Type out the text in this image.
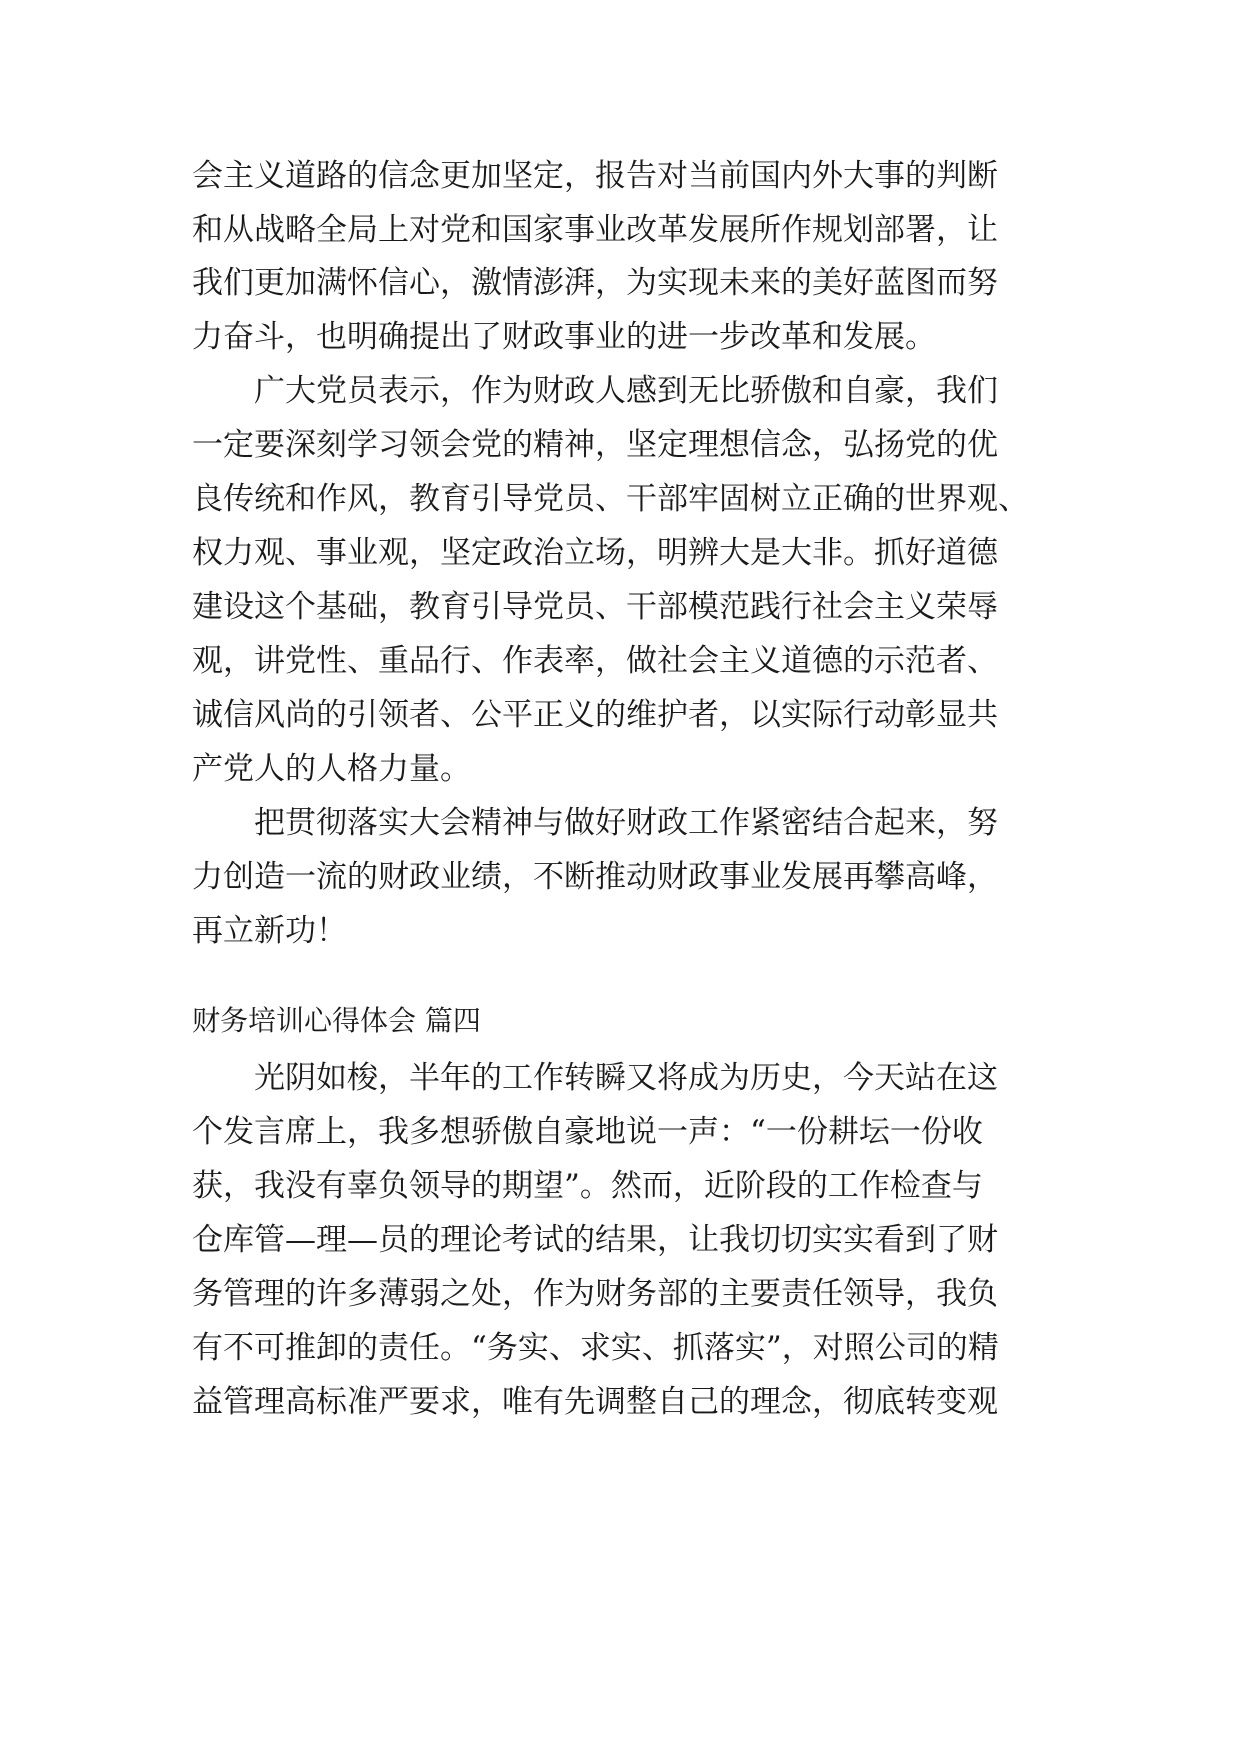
会主义道路的信念更加坚定，报告对当前国内外大事的判断
和从战略全局上对党和国家事业改革发展所作规划部署，让
我们更加满怀信心，激情澎湃，为实现未来的美好蓝图而努
力奋斗，也明确提出了财政事业的进一步改革和发展。
　　广大党员表示，作为财政人感到无比骄傲和自豪，我们
一定要深刻学习领会党的精神，坚定理想信念，弘扬党的优
良传统和作风，教育引导党员、干部牢固树立正确的世界观、
权力观、事业观，坚定政治立场，明辨大是大非。抓好道德
建设这个基础，教育引导党员、干部模范践行社会主义荣辱
观，讲党性、重品行、作表率，做社会主义道德的示范者、
诚信风尚的引领者、公平正义的维护者，以实际行动彰显共
产党人的人格力量。
　　把贯彻落实大会精神与做好财政工作紧密结合起来，努
力创造一流的财政业绩，不断推动财政事业发展再攀高峰，
再立新功！
财务培训心得体会 篇四
　　光阴如梭，半年的工作转瞬又将成为历史，今天站在这
个发言席上，我多想骄傲自豪地说一声：“一份耕坛一份收
获，我没有辜负领导的期望”。然而，近阶段的工作检查与
仓库管—理—员的理论考试的结果，让我切切实实看到了财
务管理的许多薄弱之处，作为财务部的主要责任领导，我负
有不可推卸的责任。“务实、求实、抓落实”，对照公司的精
益管理高标准严要求，唯有先调整自己的理念，彻底转变观
